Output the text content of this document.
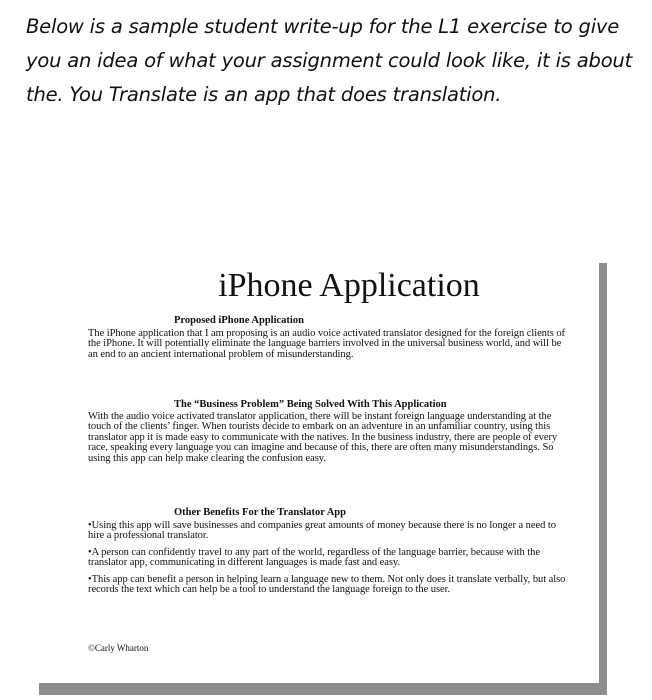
Below is a sample student write-up for the L1 exercise to give you an idea of what your assignment could look like, it is about the. You Translate is an app that does translation.

iPhone Application

Proposed iPhone Application

The iPhone application that I am proposing is an audio voice activated translator designed for the foreign clients of the iPhone. It will potentially eliminate the language barriers involved in the universal business world, and will be an end to an ancient international problem of misunderstanding.

The “Business Problem” Being Solved With This Application

With the audio voice activated translator application, there will be instant foreign language understanding at the touch of the clients’ finger. When tourists decide to embark on an adventure in an unfamiliar country, using this translator app it is made easy to communicate with the natives. In the business industry, there are people of every race, speaking every language you can imagine and because of this, there are often many misunderstandings. So using this app can help make clearing the confusion easy.

Other Benefits For the Translator App

•Using this app will save businesses and companies great amounts of money because there is no longer a need to hire a professional translator.

•A person can confidently travel to any part of the world, regardless of the language barrier, because with the translator app, communicating in different languages is made fast and easy.

•This app can benefit a person in helping learn a language new to them. Not only does it translate verbally, but also records the text which can help be a tool to understand the language foreign to the user.

©Carly Wharton
